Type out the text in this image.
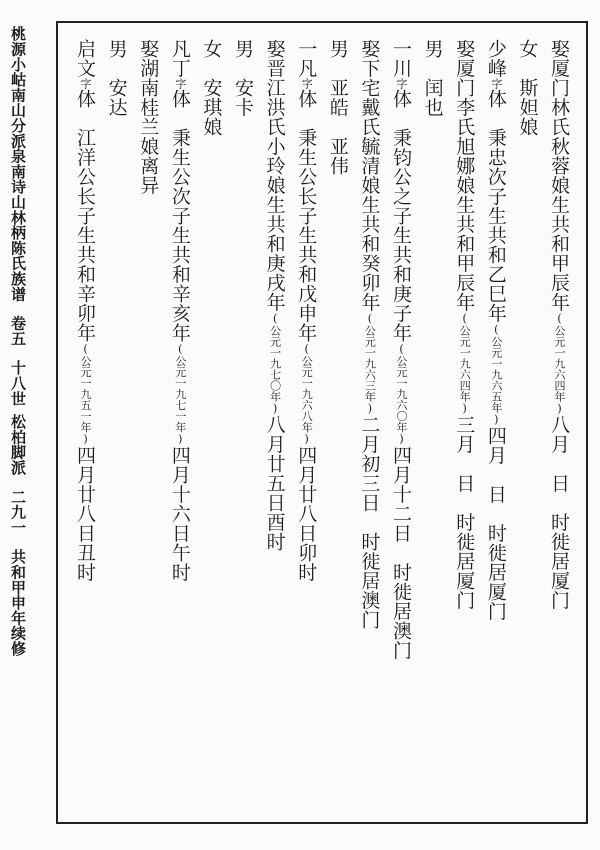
桃源小岵南山分派泉南诗山林柄陈氏族谱卷五十八世松柏脚派二九一共和甲申年续修
娶厦门林氏秋蓉娘生共和甲辰年(公元一九六四年)八月　日　时徙居厦门
女　斯妲娘
少峰字体　秉忠次子生共和乙巳年(公元一九六五年)四月　日　时徙居厦门
娶厦门李氏旭娜娘生共和甲辰年(公元一九六四年)三月　日　时徙居厦门
男　闰也
一川字体　秉钧公之子生共和庚子年(公元一九六〇年)四月十二日　时徙居澳门
娶下宅戴氏毓清娘生共和癸卯年(公元一九六三年)二月初三日　时徙居澳门
男　亚皓　亚伟
一凡字体　秉生公长子生共和戊申年(公元一九六八年)四月廿八日卯时
娶晋江洪氏小玲娘生共和庚戌年(公元一九七〇年)八月廿五日酉时
男　安卡
女　安琪娘
凡丁字体　秉生公次子生共和辛亥年(公元一九七一年)四月十六日午时
娶湖南桂兰娘离异
男　安达
启文字体　江洋公长子生共和辛卯年(公元一九五一年)四月廿八日丑时
